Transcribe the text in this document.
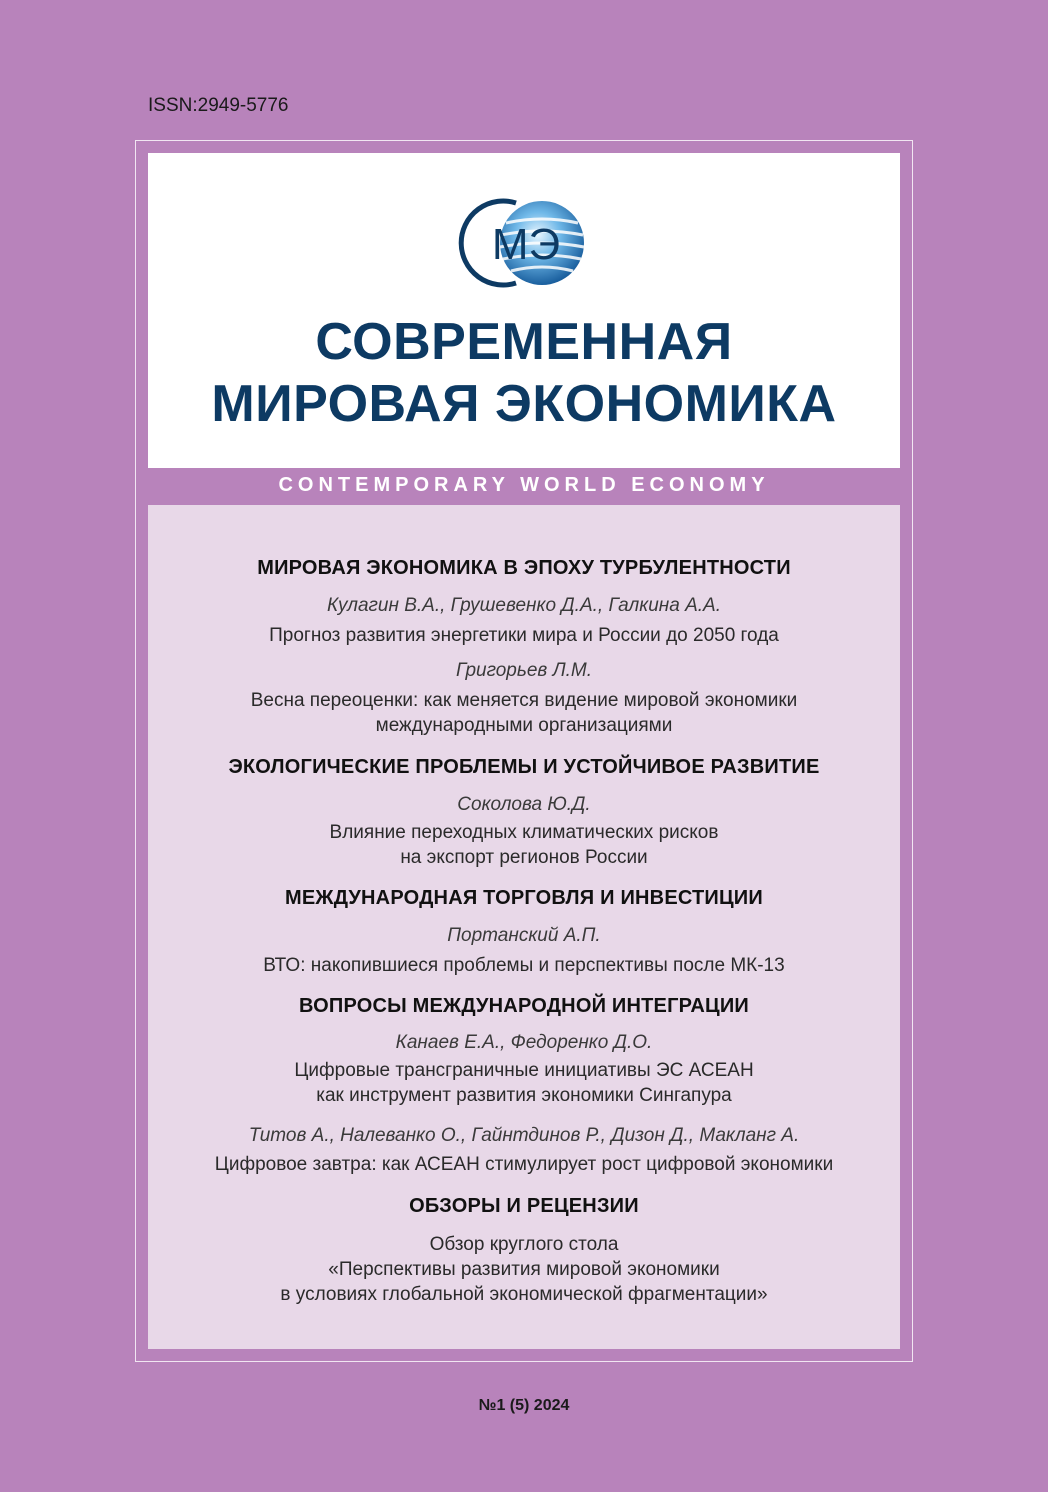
ISSN:2949-5776
МЭ
СОВРЕМЕННАЯ
МИРОВАЯ ЭКОНОМИКА
CONTEMPORARY WORLD ECONOMY
МИРОВАЯ ЭКОНОМИКА В ЭПОХУ ТУРБУЛЕНТНОСТИ
Кулагин В.А., Грушевенко Д.А., Галкина А.А.
Прогноз развития энергетики мира и России до 2050 года
Григорьев Л.М.
Весна переоценки: как меняется видение мировой экономики
международными организациями
ЭКОЛОГИЧЕСКИЕ ПРОБЛЕМЫ И УСТОЙЧИВОЕ РАЗВИТИЕ
Соколова Ю.Д.
Влияние переходных климатических рисков
на экспорт регионов России
МЕЖДУНАРОДНАЯ ТОРГОВЛЯ И ИНВЕСТИЦИИ
Портанский А.П.
ВТО: накопившиеся проблемы и перспективы после МК-13
ВОПРОСЫ МЕЖДУНАРОДНОЙ ИНТЕГРАЦИИ
Канаев Е.А., Федоренко Д.О.
Цифровые трансграничные инициативы ЭС АСЕАН
как инструмент развития экономики Сингапура
Титов А., Налеванко О., Гайнтдинов Р., Дизон Д., Макланг А.
Цифровое завтра: как АСЕАН стимулирует рост цифровой экономики
ОБЗОРЫ И РЕЦЕНЗИИ
Обзор круглого стола
«Перспективы развития мировой экономики
в условиях глобальной экономической фрагментации»
№1 (5) 2024
